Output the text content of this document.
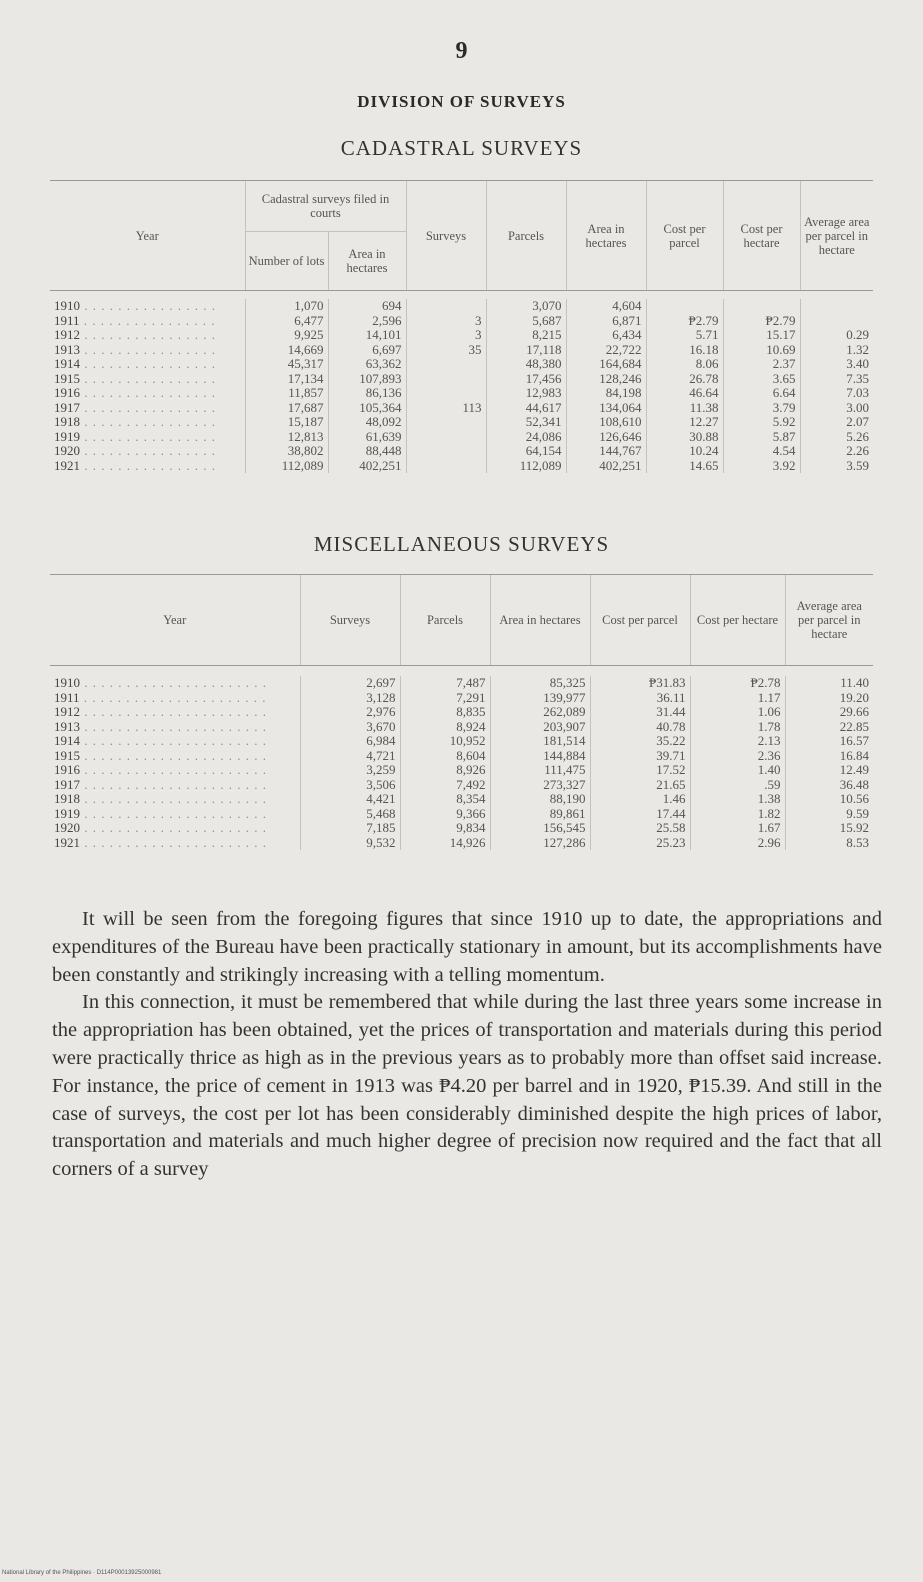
9
DIVISION OF SURVEYS
CADASTRAL SURVEYS
Year	Cadastral surveys filed in courts		Surveys	Parcels	Area in hectares	Cost per parcel	Cost per hectare	Average area per parcel in hectare
	Number of lots	Area in hectares						

1910 . . . . . . . . . . . . . . . .	1,070	694		3,070	4,604			
1911 . . . . . . . . . . . . . . . .	6,477	2,596	3	5,687	6,871	₱2.79	₱2.79	
1912 . . . . . . . . . . . . . . . .	9,925	14,101	3	8,215	6,434	5.71	15.17	0.29
1913 . . . . . . . . . . . . . . . .	14,669	6,697	35	17,118	22,722	16.18	10.69	1.32
1914 . . . . . . . . . . . . . . . .	45,317	63,362		48,380	164,684	8.06	2.37	3.40
1915 . . . . . . . . . . . . . . . .	17,134	107,893		17,456	128,246	26.78	3.65	7.35
1916 . . . . . . . . . . . . . . . .	11,857	86,136		12,983	84,198	46.64	6.64	7.03
1917 . . . . . . . . . . . . . . . .	17,687	105,364	113	44,617	134,064	11.38	3.79	3.00
1918 . . . . . . . . . . . . . . . .	15,187	48,092		52,341	108,610	12.27	5.92	2.07
1919 . . . . . . . . . . . . . . . .	12,813	61,639		24,086	126,646	30.88	5.87	5.26
1920 . . . . . . . . . . . . . . . .	38,802	88,448		64,154	144,767	10.24	4.54	2.26
1921 . . . . . . . . . . . . . . . .	112,089	402,251		112,089	402,251	14.65	3.92	3.59
MISCELLANEOUS SURVEYS
Year	Surveys	Parcels	Area in hectares	Cost per parcel	Cost per hectare	Average area per parcel in hectare

1910 . . . . . . . . . . . . . . . . . . . . . .	2,697	7,487	85,325	₱31.83	₱2.78	11.40
1911 . . . . . . . . . . . . . . . . . . . . . .	3,128	7,291	139,977	36.11	1.17	19.20
1912 . . . . . . . . . . . . . . . . . . . . . .	2,976	8,835	262,089	31.44	1.06	29.66
1913 . . . . . . . . . . . . . . . . . . . . . .	3,670	8,924	203,907	40.78	1.78	22.85
1914 . . . . . . . . . . . . . . . . . . . . . .	6,984	10,952	181,514	35.22	2.13	16.57
1915 . . . . . . . . . . . . . . . . . . . . . .	4,721	8,604	144,884	39.71	2.36	16.84
1916 . . . . . . . . . . . . . . . . . . . . . .	3,259	8,926	111,475	17.52	1.40	12.49
1917 . . . . . . . . . . . . . . . . . . . . . .	3,506	7,492	273,327	21.65	.59	36.48
1918 . . . . . . . . . . . . . . . . . . . . . .	4,421	8,354	88,190	1.46	1.38	10.56
1919 . . . . . . . . . . . . . . . . . . . . . .	5,468	9,366	89,861	17.44	1.82	9.59
1920 . . . . . . . . . . . . . . . . . . . . . .	7,185	9,834	156,545	25.58	1.67	15.92
1921 . . . . . . . . . . . . . . . . . . . . . .	9,532	14,926	127,286	25.23	2.96	8.53

It will be seen from the foregoing figures that since 1910 up to date, the appropriations and expenditures of the Bureau have been practically stationary in amount, but its accomplishments have been constantly and strikingly increasing with a telling momentum.

In this connection, it must be remembered that while during the last three years some increase in the appropriation has been obtained, yet the prices of transportation and materials during this period were practically thrice as high as in the previous years as to probably more than offset said increase. For instance, the price of cement in 1913 was ₱4.20 per barrel and in 1920, ₱15.39. And still in the case of surveys, the cost per lot has been considerably diminished despite the high prices of labor, transportation and materials and much higher degree of precision now required and the fact that all corners of a survey

National Library of the Philippines · D114P00013925000981
